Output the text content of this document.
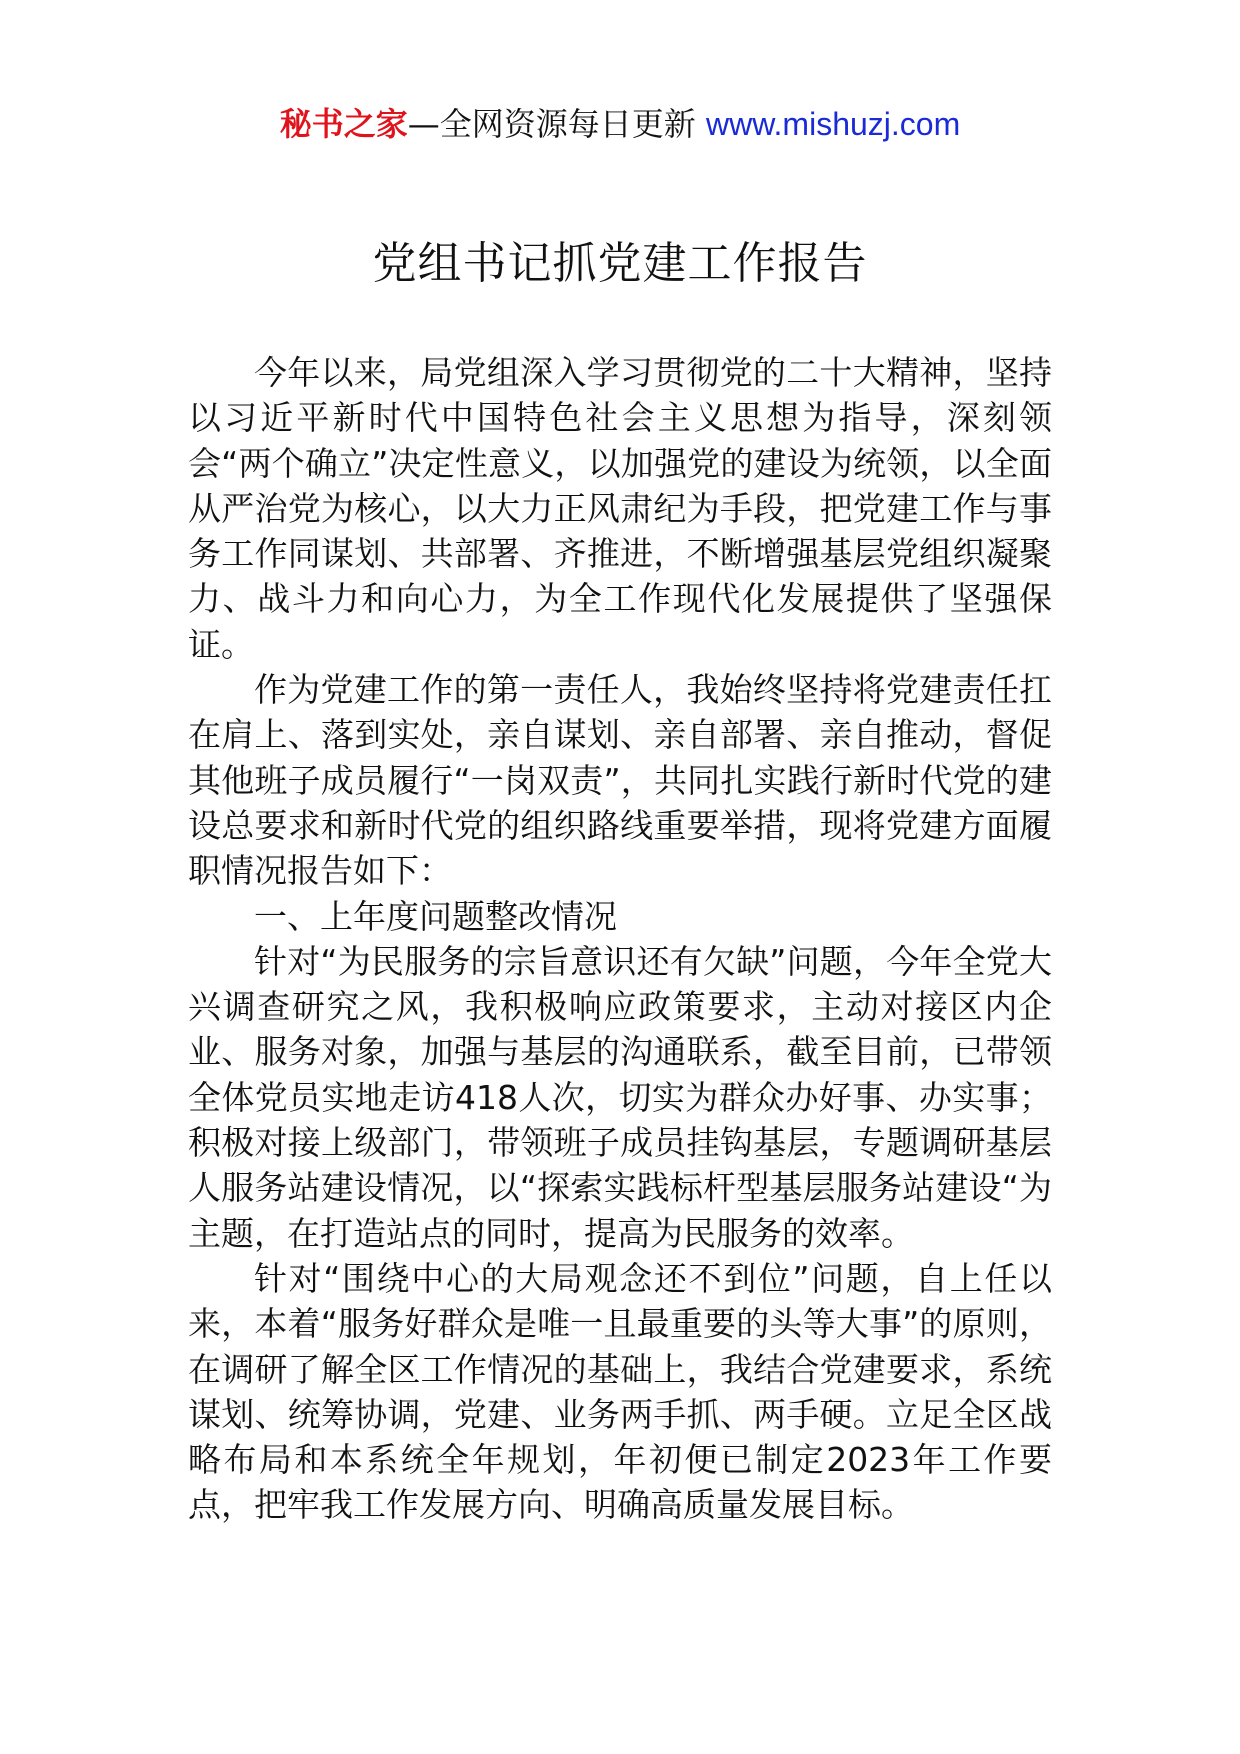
秘书之家—全网资源每日更新 www.mishuzj.com
党组书记抓党建工作报告

今年以来，局党组深入学习贯彻党的二十大精神，坚持以习近平新时代中国特色社会主义思想为指导，深刻领会“两个确立”决定性意义，以加强党的建设为统领，以全面从严治党为核心，以大力正风肃纪为手段，把党建工作与事务工作同谋划、共部署、齐推进，不断增强基层党组织凝聚力、战斗力和向心力，为全工作现代化发展提供了坚强保证。

作为党建工作的第一责任人，我始终坚持将党建责任扛在肩上、落到实处，亲自谋划、亲自部署、亲自推动，督促其他班子成员履行“一岗双责”，共同扎实践行新时代党的建设总要求和新时代党的组织路线重要举措，现将党建方面履职情况报告如下：

一、上年度问题整改情况

针对“为民服务的宗旨意识还有欠缺”问题，今年全党大兴调查研究之风，我积极响应政策要求，主动对接区内企业、服务对象，加强与基层的沟通联系，截至目前，已带领全体党员实地走访418人次，切实为群众办好事、办实事；积极对接上级部门，带领班子成员挂钩基层，专题调研基层人服务站建设情况，以“探索实践标杆型基层服务站建设“为主题，在打造站点的同时，提高为民服务的效率。

针对“围绕中心的大局观念还不到位”问题，自上任以来，本着“服务好群众是唯一且最重要的头等大事”的原则，在调研了解全区工作情况的基础上，我结合党建要求，系统谋划、统筹协调，党建、业务两手抓、两手硬。立足全区战略布局和本系统全年规划，年初便已制定2023年工作要点，把牢我工作发展方向、明确高质量发展目标。
